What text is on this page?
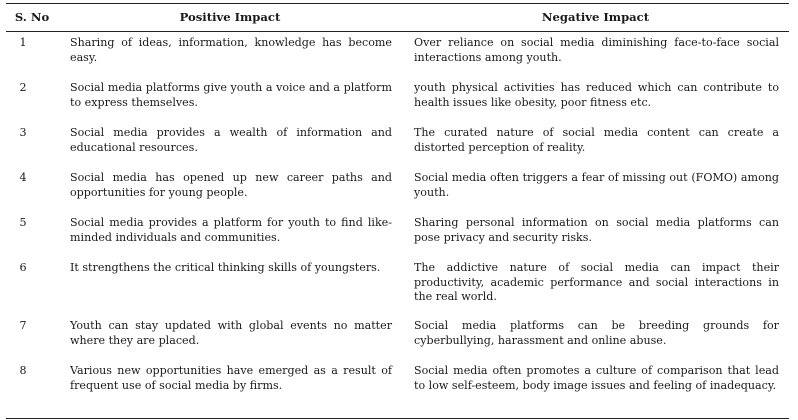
S. No	Positive Impact	Negative Impact
1	Sharing of ideas, information, knowledge has become easy.	Over reliance on social media diminishing face-to-face social interactions among youth.
2	Social media platforms give youth a voice and a platform to express themselves.	youth physical activities has reduced which can contribute to health issues like obesity, poor fitness etc.
3	Social media provides a wealth of information and educational resources.	The curated nature of social media content can create a distorted perception of reality.
4	Social media has opened up new career paths and opportunities for young people.	Social media often triggers a fear of missing out (FOMO) among youth.
5	Social media provides a platform for youth to find like-minded individuals and communities.	Sharing personal information on social media platforms can pose privacy and security risks.
6	It strengthens the critical thinking skills of youngsters.	The addictive nature of social media can impact their productivity, academic performance and social interactions in the real world.
7	Youth can stay updated with global events no matter where they are placed.	Social media platforms can be breeding grounds for cyberbullying, harassment and online abuse.
8	Various new opportunities have emerged as a result of frequent use of social media by firms.	Social media often promotes a culture of comparison that lead to low self-esteem, body image issues and feeling of inadequacy.
